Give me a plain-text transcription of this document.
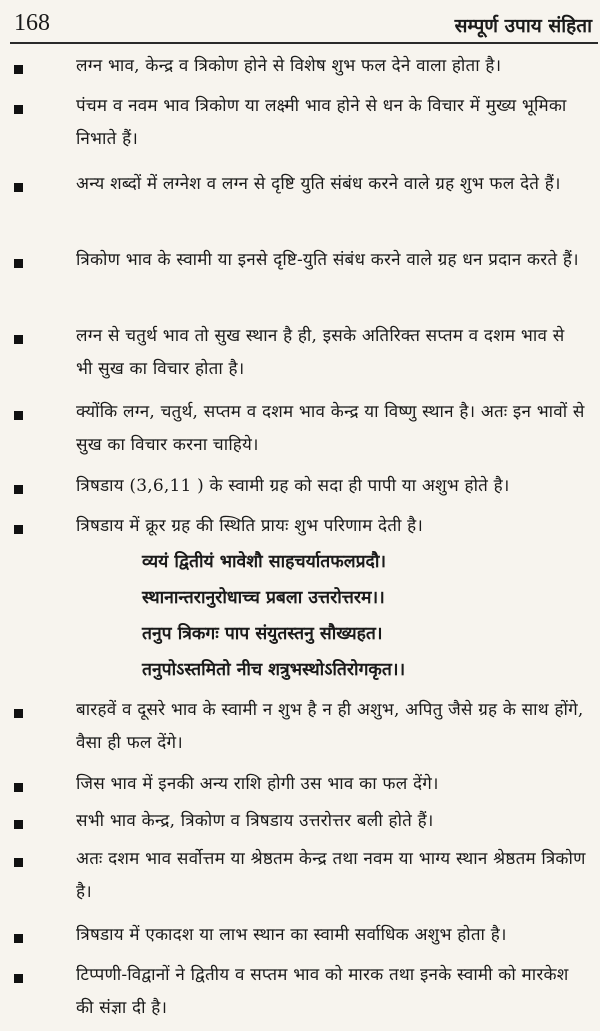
168	सम्पूर्ण उपाय संहिता
लग्न भाव, केन्द्र व त्रिकोण होने से विशेष शुभ फल देने वाला होता है।
पंचम व नवम भाव त्रिकोण या लक्ष्मी भाव होने से धन के विचार में मुख्य भूमिका निभाते हैं।
अन्य शब्दों में लग्नेश व लग्न से दृष्टि युति संबंध करने वाले ग्रह शुभ फल देते हैं।
त्रिकोण भाव के स्वामी या इनसे दृष्टि-युति संबंध करने वाले ग्रह धन प्रदान करते हैं।
लग्न से चतुर्थ भाव तो सुख स्थान है ही, इसके अतिरिक्त सप्तम व दशम भाव से भी सुख का विचार होता है।
क्योंकि लग्न, चतुर्थ, सप्तम व दशम भाव केन्द्र या विष्णु स्थान है। अतः इन भावों से सुख का विचार करना चाहिये।
त्रिषडाय (3,6,11 ) के स्वामी ग्रह को सदा ही पापी या अशुभ होते है।
त्रिषडाय में क्रूर ग्रह की स्थिति प्रायः शुभ परिणाम देती है।
व्ययं द्वितीयं भावेशौ साहचर्यातफलप्रदौ।
स्थानान्तरानुरोधाच्च प्रबला उत्तरोत्तरम।।
तनुप त्रिकगः पाप संयुतस्तनु सौख्यहत।
तनुपोऽस्तमितो नीच शत्रुभस्थोऽतिरोगकृत।।
बारहवें व दूसरे भाव के स्वामी न शुभ है न ही अशुभ, अपितु जैसे ग्रह के साथ होंगे, वैसा ही फल देंगे।
जिस भाव में इनकी अन्य राशि होगी उस भाव का फल देंगे।
सभी भाव केन्द्र, त्रिकोण व त्रिषडाय उत्तरोत्तर बली होते हैं।
अतः दशम भाव सर्वोत्तम या श्रेष्ठतम केन्द्र तथा नवम या भाग्य स्थान श्रेष्ठतम त्रिकोण है।
त्रिषडाय में एकादश या लाभ स्थान का स्वामी सर्वाधिक अशुभ होता है।
टिप्पणी-विद्वानों ने द्वितीय व सप्तम भाव को मारक तथा इनके स्वामी को मारकेश की संज्ञा दी है।
